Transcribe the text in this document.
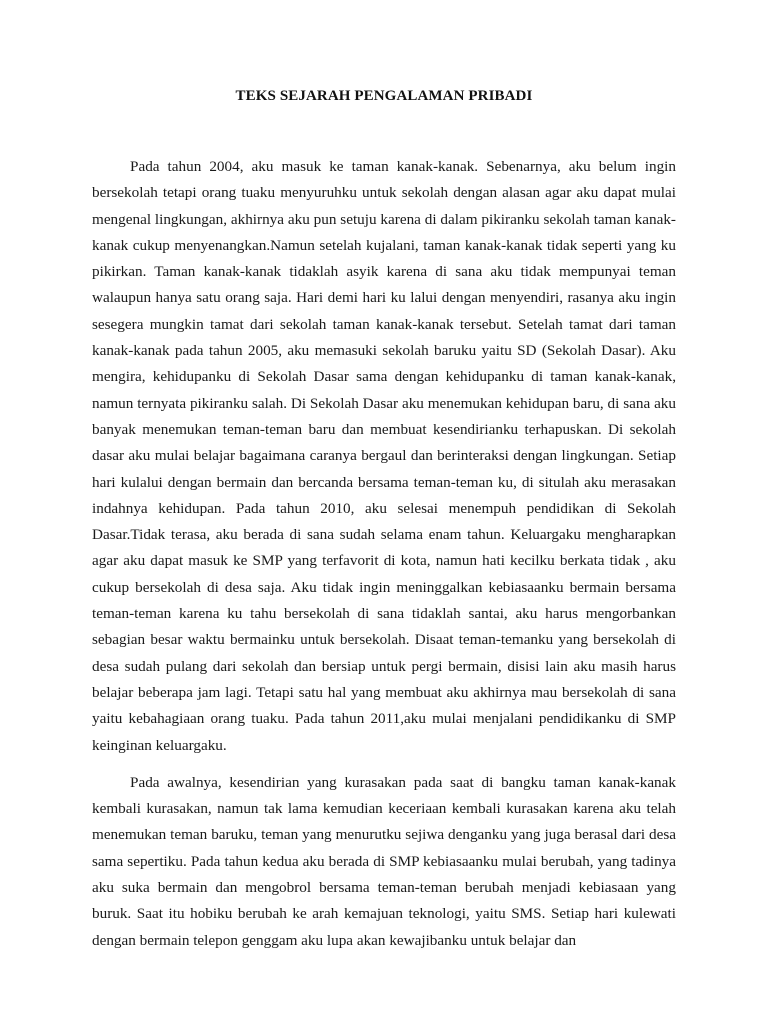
TEKS SEJARAH PENGALAMAN PRIBADI

Pada tahun 2004, aku masuk ke taman kanak-kanak. Sebenarnya, aku belum ingin bersekolah tetapi orang tuaku menyuruhku untuk sekolah dengan alasan agar aku dapat mulai mengenal lingkungan, akhirnya aku pun setuju karena di dalam pikiranku sekolah taman kanak-kanak cukup menyenangkan.Namun setelah kujalani, taman kanak-kanak tidak seperti yang ku pikirkan. Taman kanak-kanak tidaklah asyik karena di sana aku tidak mempunyai teman walaupun hanya satu orang saja. Hari demi hari ku lalui dengan menyendiri, rasanya aku ingin sesegera mungkin tamat dari sekolah taman kanak-kanak tersebut. Setelah tamat dari taman kanak-kanak pada tahun 2005, aku memasuki sekolah baruku yaitu SD (Sekolah Dasar). Aku mengira, kehidupanku di Sekolah Dasar sama dengan kehidupanku di taman kanak-kanak, namun ternyata pikiranku salah. Di Sekolah Dasar aku menemukan kehidupan baru, di sana aku banyak menemukan teman-teman baru dan membuat kesendirianku terhapuskan. Di sekolah dasar aku mulai belajar bagaimana caranya bergaul dan berinteraksi dengan lingkungan. Setiap hari kulalui dengan bermain dan bercanda bersama teman-teman ku, di situlah aku merasakan indahnya kehidupan. Pada tahun 2010, aku selesai menempuh pendidikan di Sekolah Dasar.Tidak terasa, aku berada di sana sudah selama enam tahun. Keluargaku mengharapkan agar aku dapat masuk ke SMP yang terfavorit di kota, namun hati kecilku berkata tidak , aku cukup bersekolah di desa saja. Aku tidak ingin meninggalkan kebiasaanku bermain bersama teman-teman karena ku tahu bersekolah di sana tidaklah santai, aku harus mengorbankan sebagian besar waktu bermainku untuk bersekolah. Disaat teman-temanku yang bersekolah di desa sudah pulang dari sekolah dan bersiap untuk pergi bermain, disisi lain aku masih harus belajar beberapa jam lagi. Tetapi satu hal yang membuat aku akhirnya mau bersekolah di sana yaitu kebahagiaan orang tuaku. Pada tahun 2011,aku mulai menjalani pendidikanku di SMP keinginan keluargaku.

Pada awalnya, kesendirian yang kurasakan pada saat di bangku taman kanak-kanak kembali kurasakan, namun tak lama kemudian keceriaan kembali kurasakan karena aku telah menemukan teman baruku, teman yang menurutku sejiwa denganku yang juga berasal dari desa sama sepertiku. Pada tahun kedua aku berada di SMP kebiasaanku mulai berubah, yang tadinya aku suka bermain dan mengobrol bersama teman-teman berubah menjadi kebiasaan yang buruk. Saat itu hobiku berubah ke arah kemajuan teknologi, yaitu SMS. Setiap hari kulewati dengan bermain telepon genggam aku lupa akan kewajibanku untuk belajar dan
